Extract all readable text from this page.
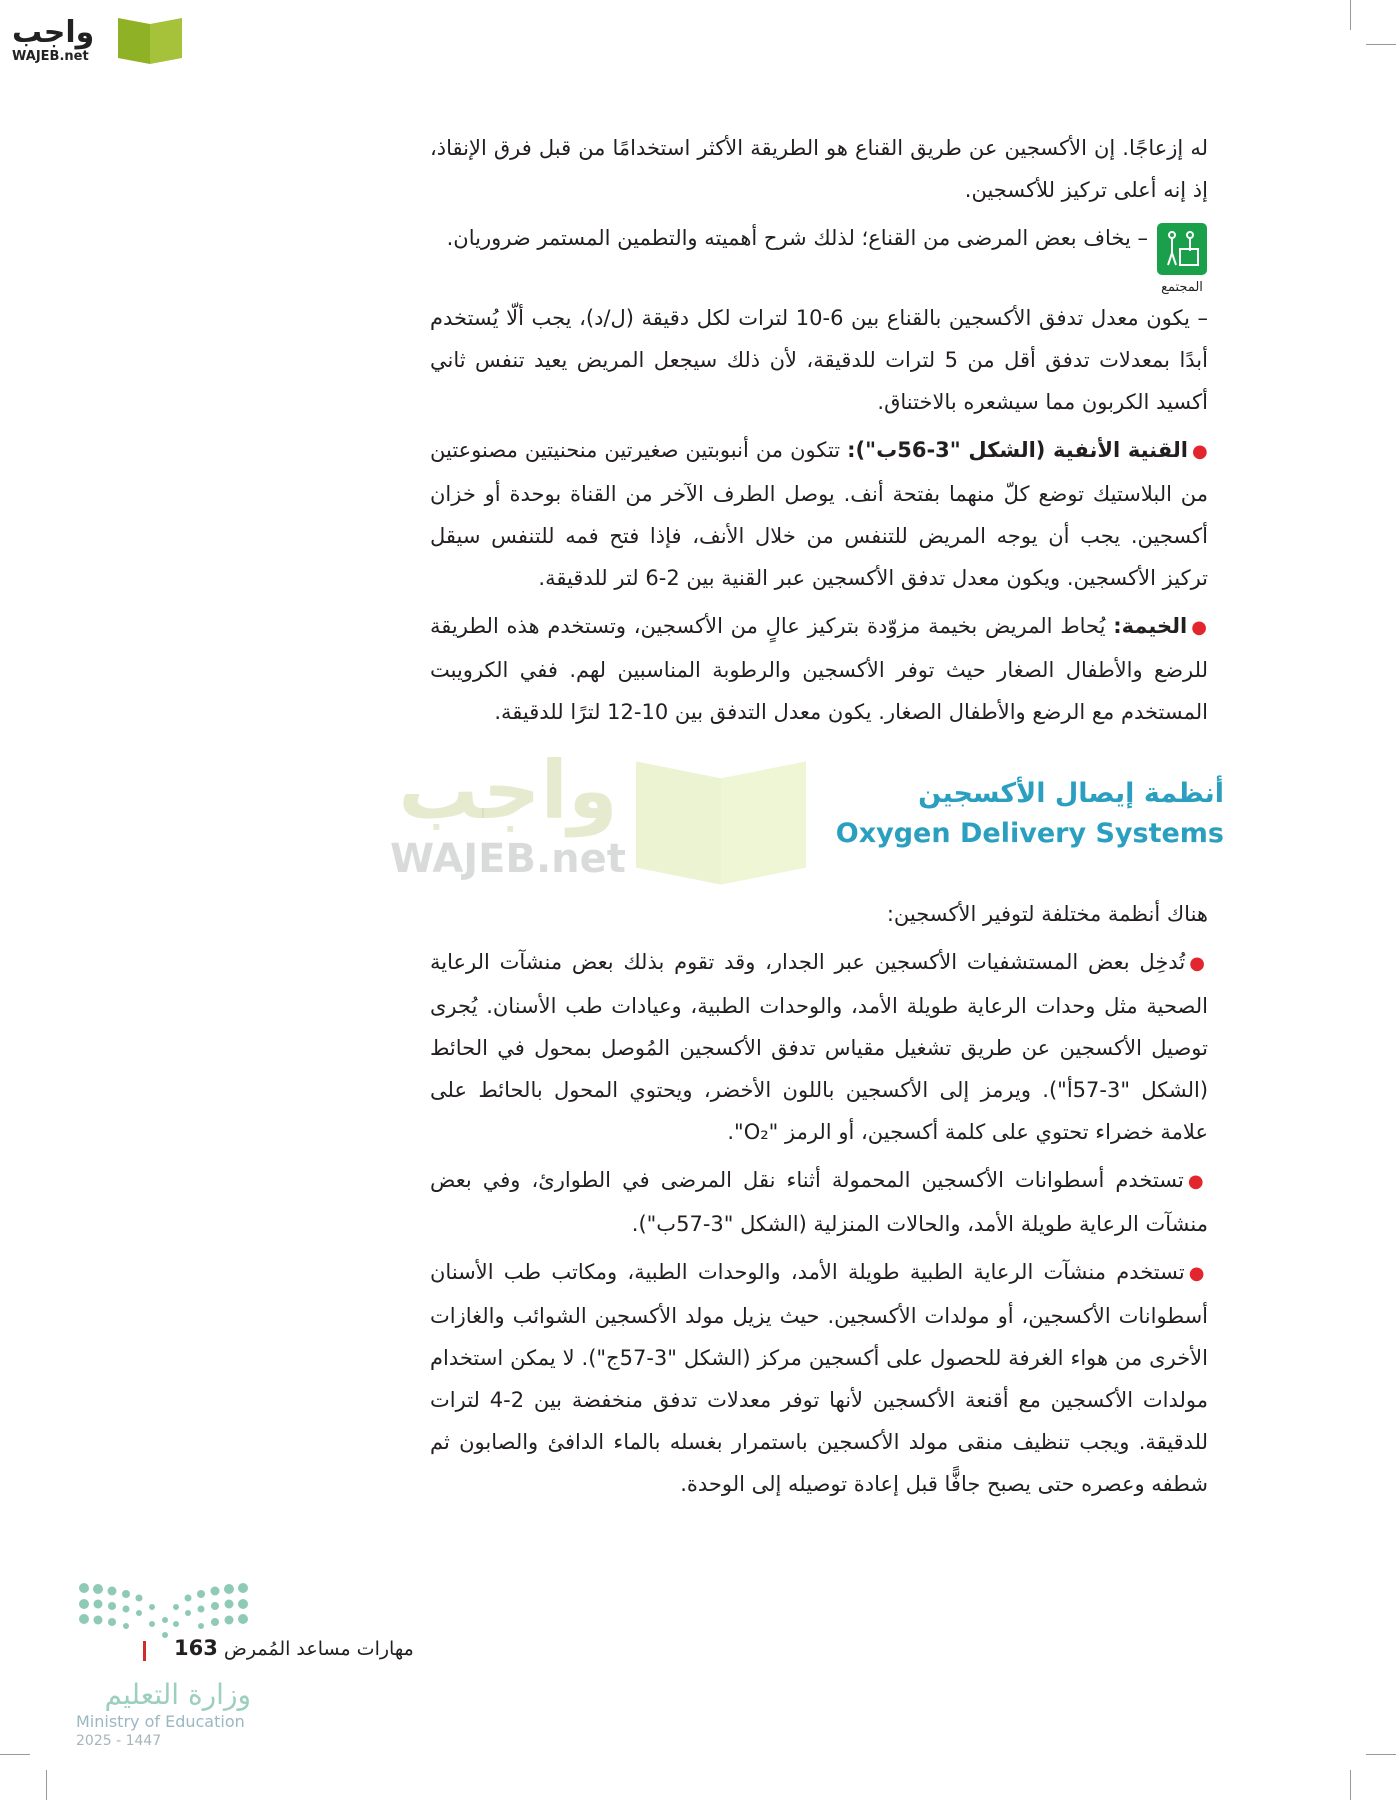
واجب
WAJEB.net
له إزعاجًا. إن الأكسجين عن طريق القناع هو الطريقة الأكثر استخدامًا من قبل فرق الإنقاذ، إذ إنه أعلى تركيز للأكسجين.
المجتمع
– يخاف بعض المرضى من القناع؛ لذلك شرح أهميته والتطمين المستمر ضروريان.
– يكون معدل تدفق الأكسجين بالقناع بين 6-10 لترات لكل دقيقة (ل/د)، يجب ألّا يُستخدم أبدًا بمعدلات تدفق أقل من 5 لترات للدقيقة، لأن ذلك سيجعل المريض يعيد تنفس ثاني أكسيد الكربون مما سيشعره بالاختناق.
●القنية الأنفية (الشكل "3-56ب"): تتكون من أنبوبتين صغيرتين منحنيتين مصنوعتين من البلاستيك توضع كلّ منهما بفتحة أنف. يوصل الطرف الآخر من القناة بوحدة أو خزان أكسجين. يجب أن يوجه المريض للتنفس من خلال الأنف، فإذا فتح فمه للتنفس سيقل تركيز الأكسجين. ويكون معدل تدفق الأكسجين عبر القنية بين 2-6 لتر للدقيقة.
●الخيمة: يُحاط المريض بخيمة مزوّدة بتركيز عالٍ من الأكسجين، وتستخدم هذه الطريقة للرضع والأطفال الصغار حيث توفر الأكسجين والرطوبة المناسبين لهم. ففي الكرويبت المستخدم مع الرضع والأطفال الصغار. يكون معدل التدفق بين 10-12 لترًا للدقيقة.
أنظمة إيصال الأكسجين
Oxygen Delivery Systems
واجب
WAJEB.net
هناك أنظمة مختلفة لتوفير الأكسجين:
●تُدخِل بعض المستشفيات الأكسجين عبر الجدار، وقد تقوم بذلك بعض منشآت الرعاية الصحية مثل وحدات الرعاية طويلة الأمد، والوحدات الطبية، وعيادات طب الأسنان. يُجرى توصيل الأكسجين عن طريق تشغيل مقياس تدفق الأكسجين المُوصل بمحول في الحائط (الشكل "3-57أ"). ويرمز إلى الأكسجين باللون الأخضر، ويحتوي المحول بالحائط على علامة خضراء تحتوي على كلمة أكسجين، أو الرمز "O₂".
●تستخدم أسطوانات الأكسجين المحمولة أثناء نقل المرضى في الطوارئ، وفي بعض منشآت الرعاية طويلة الأمد، والحالات المنزلية (الشكل "3-57ب").
●تستخدم منشآت الرعاية الطبية طويلة الأمد، والوحدات الطبية، ومكاتب طب الأسنان أسطوانات الأكسجين، أو مولدات الأكسجين. حيث يزيل مولد الأكسجين الشوائب والغازات الأخرى من هواء الغرفة للحصول على أكسجين مركز (الشكل "3-57ج"). لا يمكن استخدام مولدات الأكسجين مع أقنعة الأكسجين لأنها توفر معدلات تدفق منخفضة بين 2-4 لترات للدقيقة. ويجب تنظيف منقى مولد الأكسجين باستمرار بغسله بالماء الدافئ والصابون ثم شطفه وعصره حتى يصبح جافًّا قبل إعادة توصيله إلى الوحدة.
وزارة التعليم
Ministry of Education
2025 - 1447
مهارات مساعد المُمرض 163
